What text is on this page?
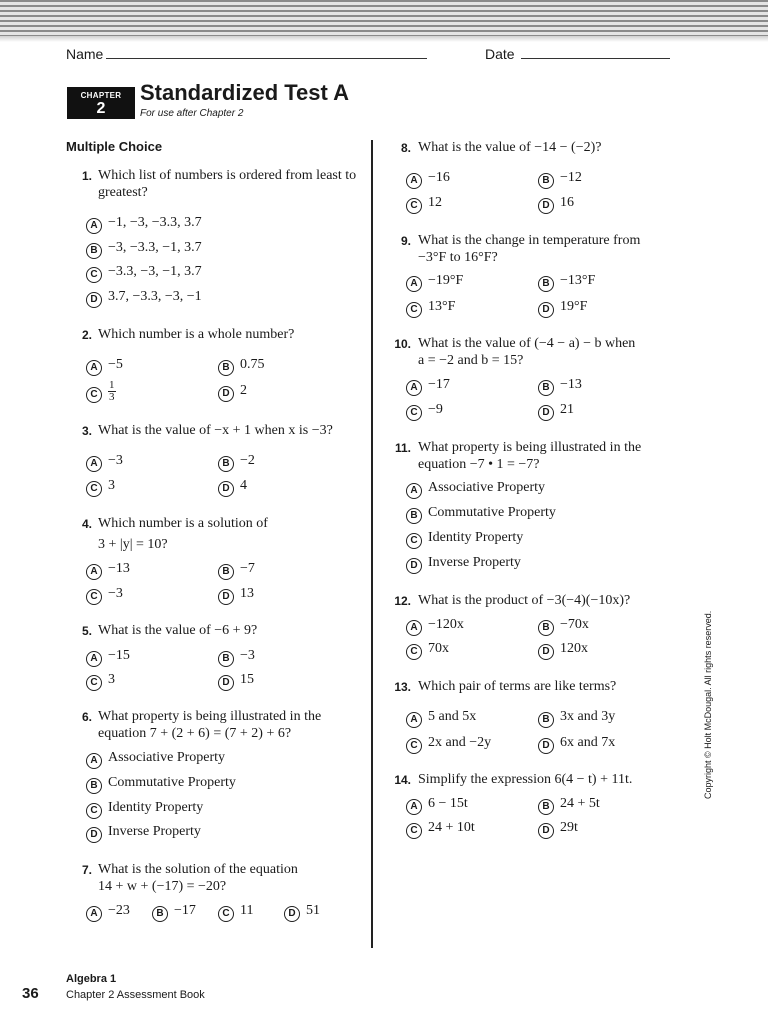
Name	Date
CHAPTER
2
Standardized Test A
For use after Chapter 2
Multiple Choice
1. Which list of numbers is ordered from least to greatest?
A −1, −3, −3.3, 3.7
B −3, −3.3, −1, 3.7
C −3.3, −3, −1, 3.7
D 3.7, −3.3, −3, −1
2. Which number is a whole number?
A −5	B 0.75
C $\frac{1}{3}$	D 2
3. What is the value of −x + 1 when x is −3?
A −3	B −2
C 3	D 4
4. Which number is a solution of
3 + |y| = 10?
A −13	B −7
C −3	D 13
5. What is the value of −6 + 9?
A −15	B −3
C 3	D 15
6. What property is being illustrated in the
equation 7 + (2 + 6) = (7 + 2) + 6?
A Associative Property
B Commutative Property
C Identity Property
D Inverse Property
7. What is the solution of the equation
14 + w + (−17) = −20?
A −23	B −17	C 11	D 51
8. What is the value of −14 − (−2)?
A −16	B −12
C 12	D 16
9. What is the change in temperature from
−3°F to 16°F?
A −19°F	B −13°F
C 13°F	D 19°F
10. What is the value of (−4 − a) − b when
a = −2 and b = 15?
A −17	B −13
C −9	D 21
11. What property is being illustrated in the
equation −7 • 1 = −7?
A Associative Property
B Commutative Property
C Identity Property
D Inverse Property
12. What is the product of −3(−4)(−10x)?
A −120x	B −70x
C 70x	D 120x
13. Which pair of terms are like terms?
A 5 and 5x	B 3x and 3y
C 2x and −2y	D 6x and 7x
14. Simplify the expression 6(4 − t) + 11t.
A 6 − 15t	B 24 + 5t
C 24 + 10t	D 29t
Copyright © Holt McDougal. All rights reserved.
36
Algebra 1
Chapter 2 Assessment Book
